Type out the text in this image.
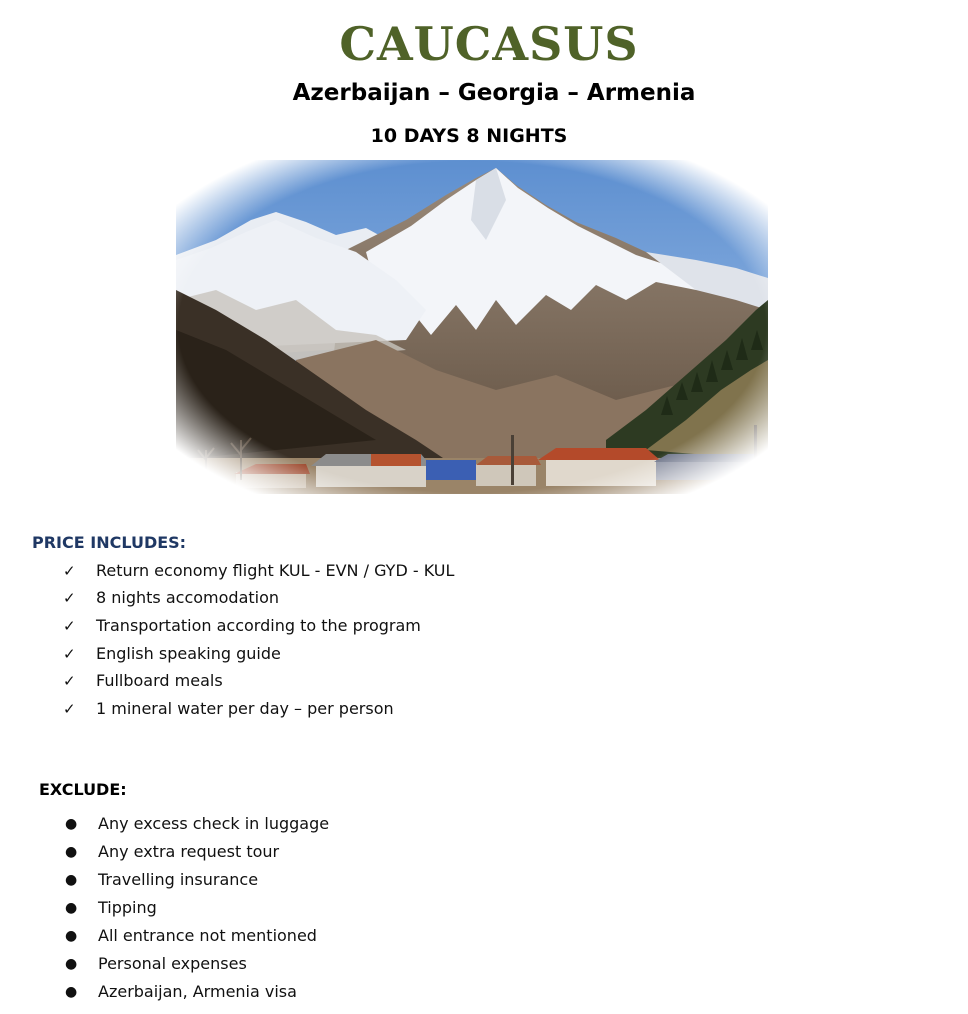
CAUCASUS
Azerbaijan – Georgia – Armenia
10 DAYS 8 NIGHTS
PRICE INCLUDES:
✓	Return economy flight KUL - EVN / GYD - KUL
✓	8 nights accomodation
✓	Transportation according to the program
✓	English speaking guide
✓	Fullboard meals
✓	1 mineral water per day – per person
EXCLUDE:
●	Any excess check in luggage
●	Any extra request tour
●	Travelling insurance
●	Tipping
●	All entrance not mentioned
●	Personal expenses
●	Azerbaijan, Armenia visa
